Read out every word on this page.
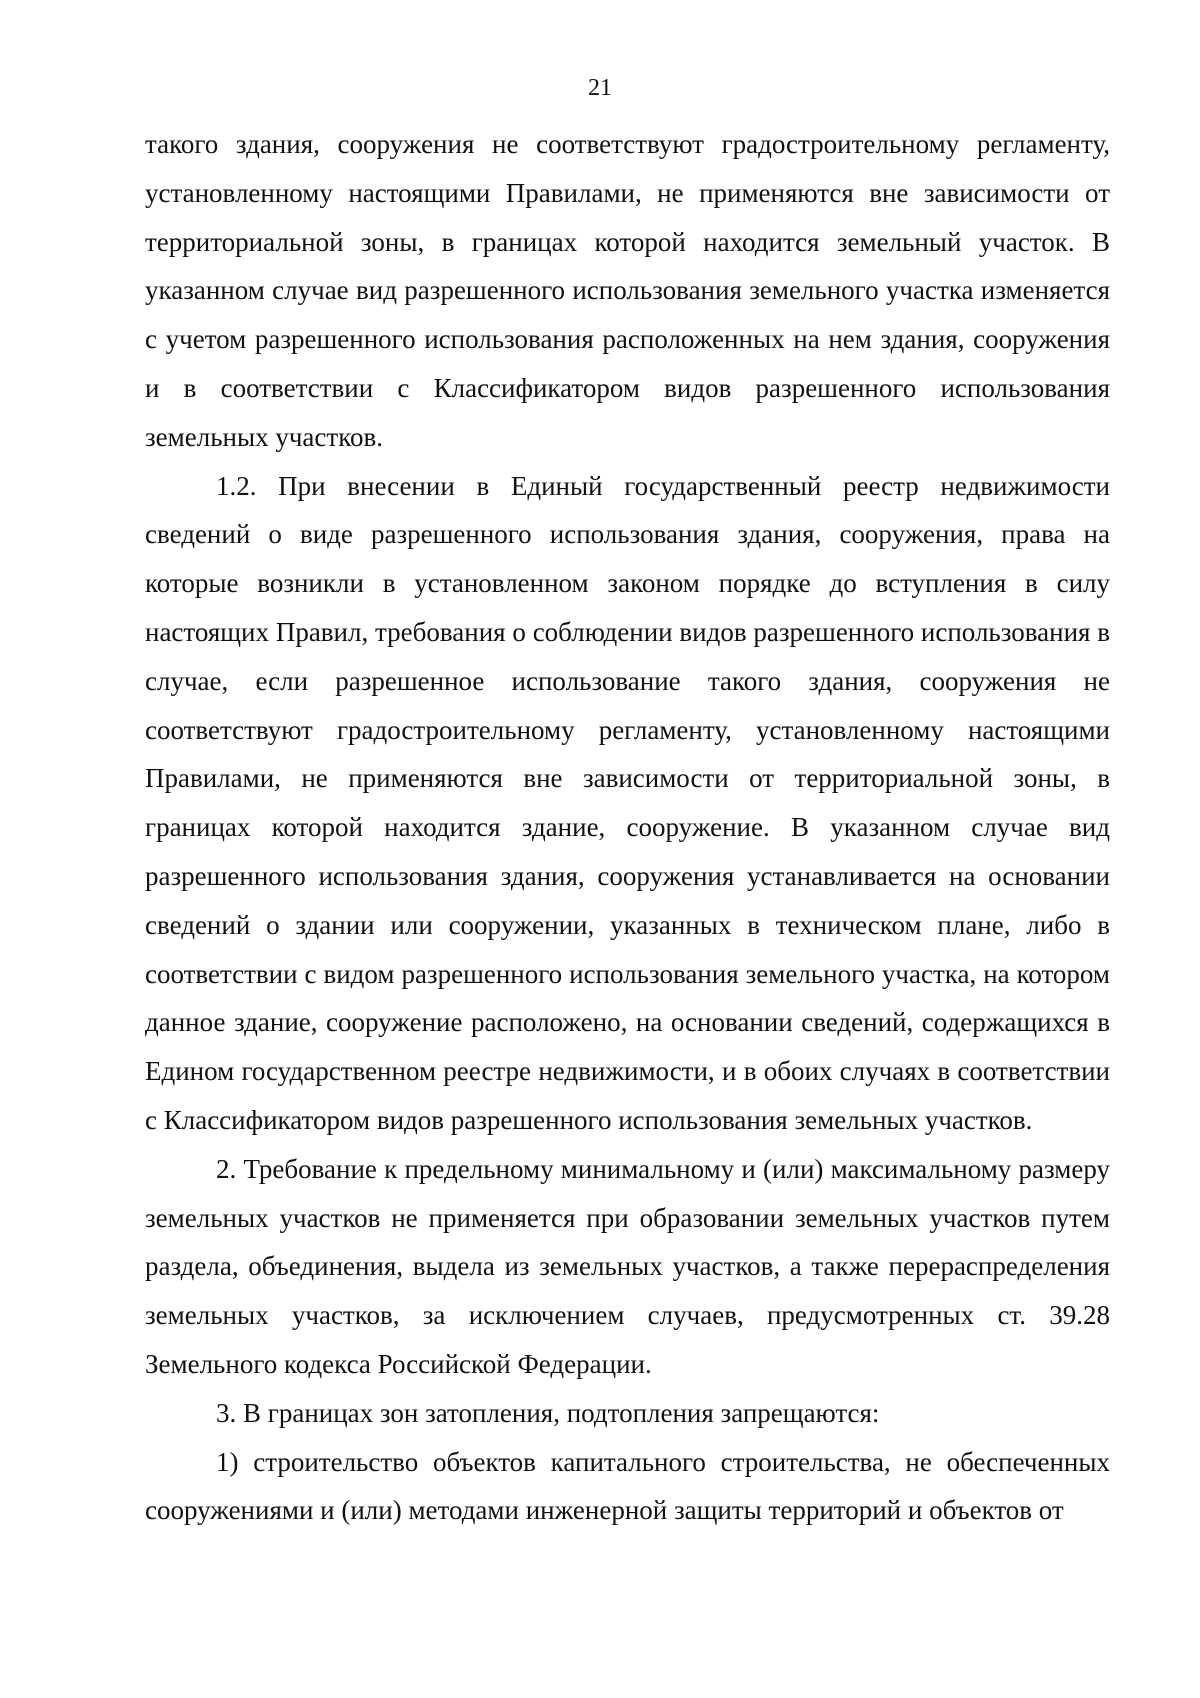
21

такого здания, сооружения не соответствуют градостроительному регламенту, установленному настоящими Правилами, не применяются вне зависимости от территориальной зоны, в границах которой находится земельный участок. В указанном случае вид разрешенного использования земельного участка изменяется с учетом разрешенного использования расположенных на нем здания, сооружения и в соответствии с Классификатором видов разрешенного использования земельных участков.

1.2. При внесении в Единый государственный реестр недвижимости сведений о виде разрешенного использования здания, сооружения, права на которые возникли в установленном законом порядке до вступления в силу настоящих Правил, требования о соблюдении видов разрешенного использования в случае, если разрешенное использование такого здания, сооружения не соответствуют градостроительному регламенту, установленному настоящими Правилами, не применяются вне зависимости от территориальной зоны, в границах которой находится здание, сооружение. В указанном случае вид разрешенного использования здания, сооружения устанавливается на основании сведений о здании или сооружении, указанных в техническом плане, либо в соответствии с видом разрешенного использования земельного участка, на котором данное здание, сооружение расположено, на основании сведений, содержащихся в Едином государственном реестре недвижимости, и в обоих случаях в соответствии с Классификатором видов разрешенного использования земельных участков.

2. Требование к предельному минимальному и (или) максимальному размеру земельных участков не применяется при образовании земельных участков путем раздела, объединения, выдела из земельных участков, а также перераспределения земельных участков, за исключением случаев, предусмотренных ст. 39.28 Земельного кодекса Российской Федерации.

3. В границах зон затопления, подтопления запрещаются:

1) строительство объектов капитального строительства, не обеспеченных сооружениями и (или) методами инженерной защиты территорий и объектов от
